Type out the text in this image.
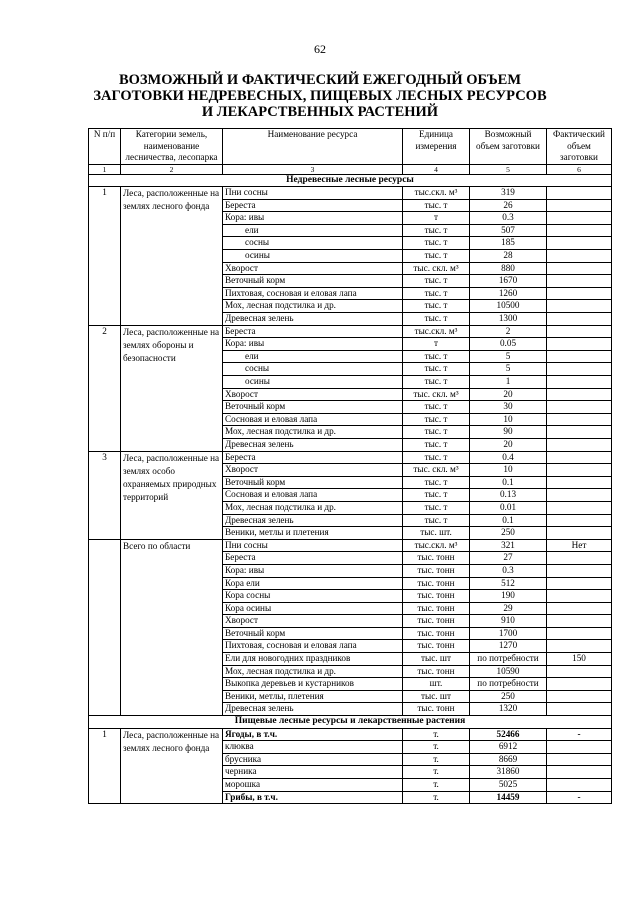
62
ВОЗМОЖНЫЙ И ФАКТИЧЕСКИЙ ЕЖЕГОДНЫЙ ОБЪЕМ
ЗАГОТОВКИ НЕДРЕВЕСНЫХ, ПИЩЕВЫХ ЛЕСНЫХ РЕСУРСОВ
И ЛЕКАРСТВЕННЫХ РАСТЕНИЙ
N п/п	Категории земель, наименование лесничества, лесопарка	Наименование ресурса	Единица измерения	Возможный объем заготовки	Фактический объем заготовки
1	2	3	4	5	6
Недревесные лесные ресурсы					
1	Леса, расположенные на землях лесного фонда	Пни сосны	тыс.скл. м³	319	
		Береста	тыс. т	26	
		Кора: ивы	т	0.3	
		ели	тыс. т	507	
		сосны	тыс. т	185	
		осины	тыс. т	28	
		Хворост	тыс. скл. м³	880	
		Веточный корм	тыс. т	1670	
		Пихтовая, сосновая и еловая лапа	тыс. т	1260	
		Мох, лесная подстилка и др.	тыс. т	10500	
		Древесная зелень	тыс. т	1300	
2	Леса, расположенные на землях обороны и безопасности	Береста	тыс.скл. м³	2	
		Кора: ивы	т	0.05	
		ели	тыс. т	5	
		сосны	тыс. т	5	
		осины	тыс. т	1	
		Хворост	тыс. скл. м³	20	
		Веточный корм	тыс. т	30	
		Сосновая и еловая лапа	тыс. т	10	
		Мох, лесная подстилка и др.	тыс. т	90	
		Древесная зелень	тыс. т	20	
3	Леса, расположенные на землях особо охраняемых природных территорий	Береста	тыс. т	0.4	
		Хворост	тыс. скл. м³	10	
		Веточный корм	тыс. т	0.1	
		Сосновая и еловая лапа	тыс. т	0.13	
		Мох, лесная подстилка и др.	тыс. т	0.01	
		Древесная зелень	тыс. т	0.1	
		Веники, метлы и плетения	тыс. шт.	250	
	Всего по области	Пни сосны	тыс.скл. м³	321	Нет
		Береста	тыс. тонн	27	
		Кора: ивы	тыс. тонн	0.3	
		Кора ели	тыс. тонн	512	
		Кора сосны	тыс. тонн	190	
		Кора осины	тыс. тонн	29	
		Хворост	тыс. тонн	910	
		Веточный корм	тыс. тонн	1700	
		Пихтовая, сосновая и еловая лапа	тыс. тонн	1270	
		Ели для новогодних праздников	тыс. шт	по потребности	150
		Мох, лесная подстилка и др.	тыс. тонн	10590	
		Выкопка деревьев и кустарников	шт.	по потребности	
		Веники, метлы, плетения	тыс. шт	250	
		Древесная зелень	тыс. тонн	1320	
Пищевые лесные ресурсы и лекарственные растения					
1	Леса, расположенные на землях лесного фонда	Ягоды, в т.ч.	т.	52466	-
		клюква	т.	6912	
		брусника	т.	8669	
		черника	т.	31860	
		морошка	т.	5025	
		Грибы, в т.ч.	т.	14459	-
